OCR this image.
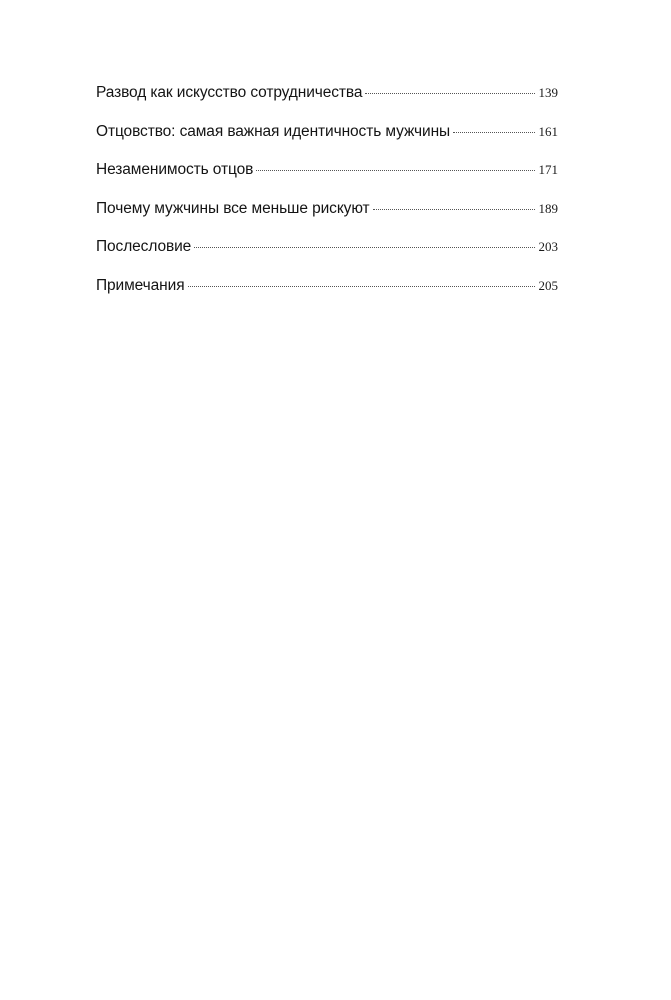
Развод как искусство сотрудничества	139
Отцовство: самая важная идентичность мужчины	161
Незаменимость отцов	171
Почему мужчины все меньше рискуют	189
Послесловие	203
Примечания	205
